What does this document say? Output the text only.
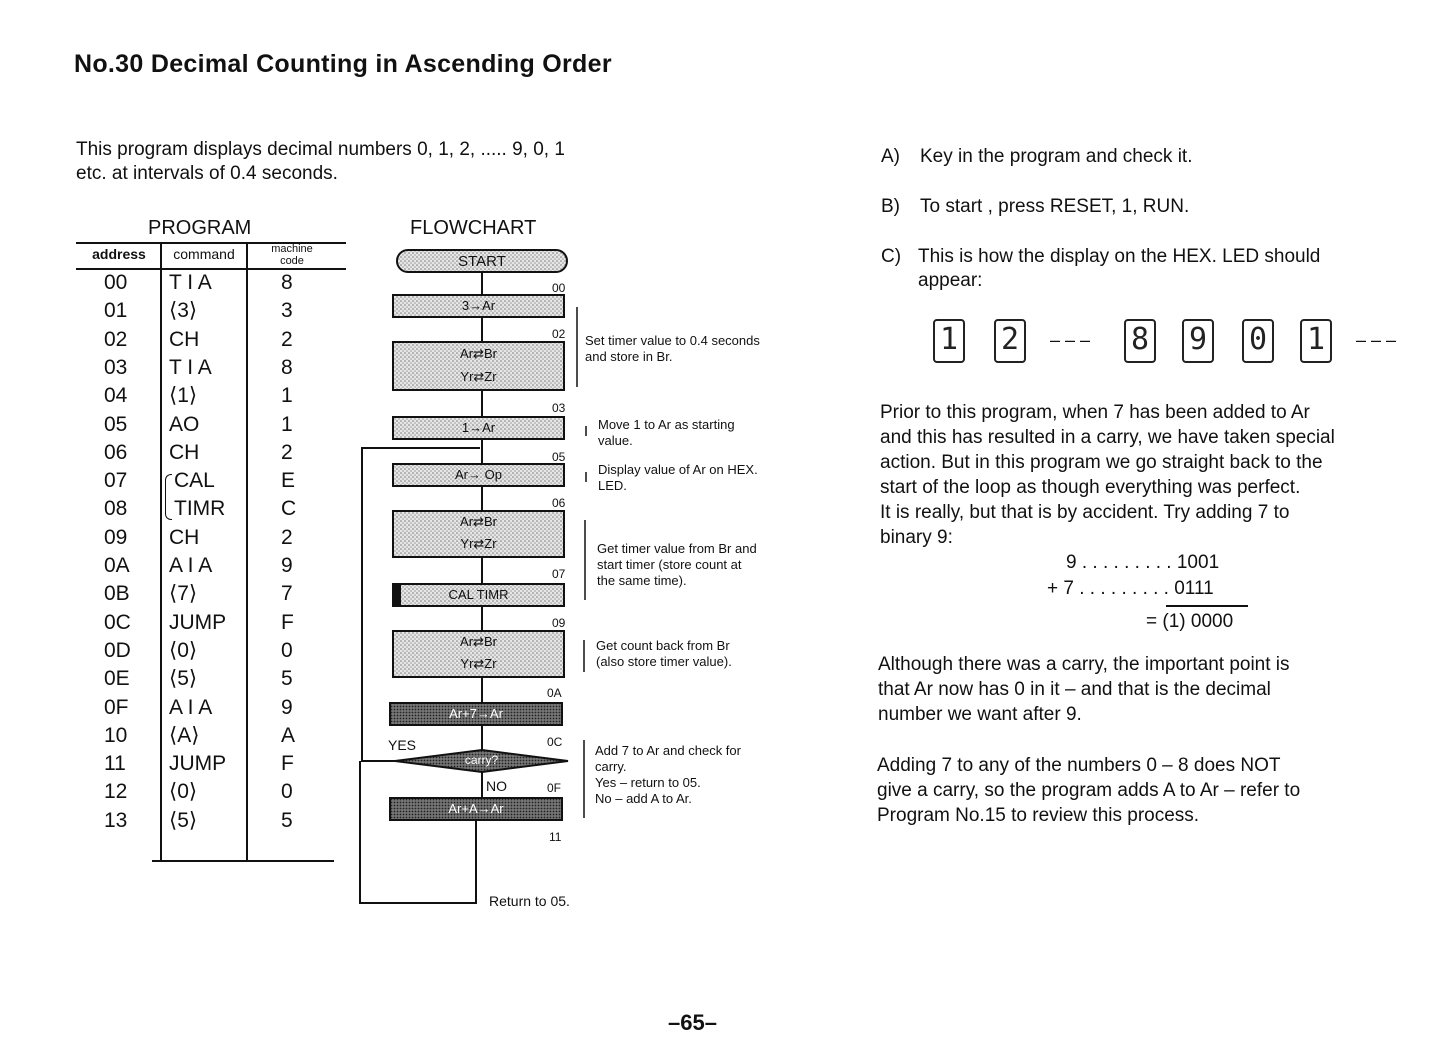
No.30 Decimal Counting in Ascending Order
This program displays decimal numbers 0, 1, 2, ..... 9, 0, 1
etc. at intervals of 0.4 seconds.
PROGRAM
address	command	machine
code
00 T I A	8
01 ⟨3⟩	3
02 CH	2
03 T I A	8
04 ⟨1⟩	1
05 AO	1
06 CH	2
07 CAL	E
08 TIMR	C
09 CH	2
0A A I A	9
0B ⟨7⟩	7
0C JUMP	F
0D ⟨0⟩	0
0E ⟨5⟩	5
0F A I A	9
10 ⟨A⟩	A
11 JUMP	F
12 ⟨0⟩	0
13 ⟨5⟩	5
FLOWCHART
START
3→Ar
Ar⇄Br
Yr⇄Zr
1→Ar
Ar→ Op
Ar⇄Br
Yr⇄Zr
CAL TIMR
Ar⇄Br
Yr⇄Zr
Ar+7→Ar
carry?
Ar+A→Ar
YES
NO
00
02
03
05
06
07
09
0A
0C
0F
11
Return to 05.
Set timer value to 0.4 seconds
and store in Br.
Move 1 to Ar as starting
value.
Display value of Ar on HEX.
LED.
Get timer value from Br and
start timer (store count at
the same time).
Get count back from Br
(also store timer value).
Add 7 to Ar and check for
carry.
Yes – return to 05.
No – add A to Ar.
A) Key in the program and check it.
B) To start , press RESET, 1, RUN.
C) This is how the display on the HEX. LED should
appear:
1 2	– – – 8 9 0 1	– – –
Prior to this program, when 7 has been added to Ar
and this has resulted in a carry, we have taken special
action. But in this program we go straight back to the
start of the loop as though everything was perfect.
It is really, but that is by accident. Try adding 7 to
binary 9:
9 . . . . . . . . . 1001
+ 7 . . . . . . . . . 0111
= (1) 0000
Although there was a carry, the important point is
that Ar now has 0 in it – and that is the decimal
number we want after 9.
Adding 7 to any of the numbers 0 – 8 does NOT
give a carry, so the program adds A to Ar – refer to
Program No.15 to review this process.
–65–
